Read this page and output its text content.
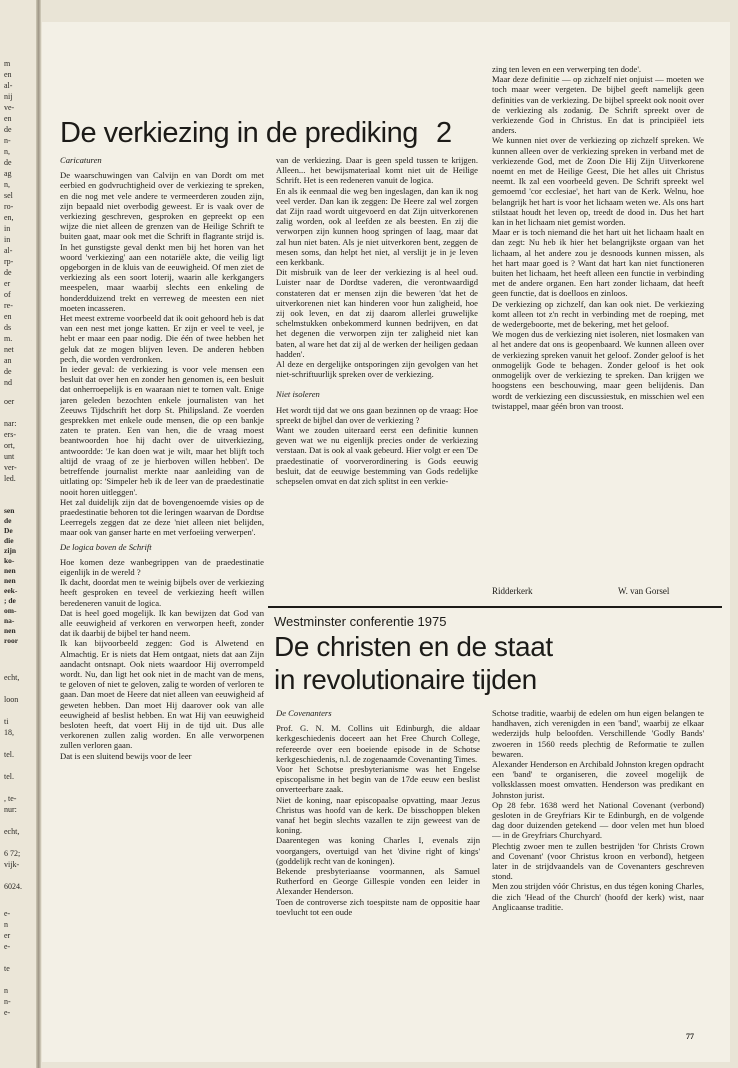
m
en
al-
nij
ve-
en
de
n-
n,
de
ag
n,
sel
ro-
en,
in
in
al-
rp-
de
er
of
re-
en
ds
m.
net
an
de
nd

oer

nar:
ers-
ort,
unt
ver-
led.

sen
de
De
die
zijn
ko-
nen
nen
eek-
; de
om-
na-
nen
roor

echt,

loon

ti
18,

tel.

tel.

, te-
nur:

echt,

6 72;
vijk-

6024.

e-
n
er
e-

te

n
n-
e-

De verkiezing in de prediking 2

Caricaturen

De waarschuwingen van Calvijn en van Dordt om met eerbied en godvruchtigheid over de verkiezing te spreken, en die nog met vele andere te vermeerderen zouden zijn, zijn bepaald niet overbodig geweest. Er is vaak over de verkiezing geschreven, gesproken en gepreekt op een wijze die niet alleen de grenzen van de Heilige Schrift te buiten gaat, maar ook met die Schrift in flagrante strijd is. In het gunstigste geval denkt men bij het horen van het woord 'verkiezing' aan een notariële akte, die veilig ligt opgeborgen in de kluis van de eeuwigheid. Of men ziet de verkiezing als een soort loterij, waarin alle kerkgangers meespelen, maar waarbij slechts een enkeling de honderdduizend trekt en verreweg de meesten een niet moeten incasseren.

Het meest extreme voorbeeld dat ik ooit gehoord heb is dat van een nest met jonge katten. Er zijn er veel te veel, je hebt er maar een paar nodig. Die één of twee hebben het geluk dat ze mogen blijven leven. De anderen hebben pech, die worden verdronken.

In ieder geval: de verkiezing is voor vele mensen een besluit dat over hen en zonder hen genomen is, een besluit dat onherroepelijk is en waaraan niet te tornen valt. Enige jaren geleden bezochten enkele journalisten van het Zeeuws Tijdschrift het dorp St. Philipsland. Ze voerden gesprekken met enkele oude mensen, die op een bankje zaten te praten. Een van hen, die de vraag moest beantwoorden hoe hij dacht over de uitverkiezing, antwoordde: 'Je kan doen wat je wilt, maar het blijft toch altijd de vraag of ze je hierboven willen hebben'. De betreffende journalist merkte naar aanleiding van de uitlating op: 'Simpeler heb ik de leer van de praedestinatie nooit horen uitleggen'.

Het zal duidelijk zijn dat de bovengenoemde visies op de praedestinatie behoren tot die leringen waarvan de Dordtse Leerregels zeggen dat ze deze 'niet alleen niet belijden, maar ook van ganser harte en met verfoeiing verwerpen'.

De logica boven de Schrift

Hoe komen deze wanbegrippen van de praedestinatie eigenlijk in de wereld ?

Ik dacht, doordat men te weinig bijbels over de verkiezing heeft gesproken en teveel de verkiezing heeft willen beredeneren vanuit de logica.

Dat is heel goed mogelijk. Ik kan bewijzen dat God van alle eeuwigheid af verkoren en verworpen heeft, zonder dat ik daarbij de bijbel ter hand neem.

Ik kan bijvoorbeeld zeggen: God is Alwetend en Almachtig. Er is niets dat Hem ontgaat, niets dat aan Zijn aandacht ontsnapt. Ook niets waardoor Hij overrompeld wordt. Nu, dan ligt het ook niet in de macht van de mens, te geloven of niet te geloven, zalig te worden of verloren te gaan. Dan moet de Heere dat niet alleen van eeuwigheid af geweten hebben. Dan moet Hij daarover ook van alle eeuwigheid af beslist hebben. En wat Hij van eeuwigheid besloten heeft, dat voert Hij in de tijd uit. Dus alle verkorenen zullen zalig worden. En alle verworpenen zullen verloren gaan.

Dat is een sluitend bewijs voor de leer

van de verkiezing. Daar is geen speld tussen te krijgen. Alleen... het bewijsmateriaal komt niet uit de Heilige Schrift. Het is een redeneren vanuit de logica.

En als ik eenmaal die weg ben ingeslagen, dan kan ik nog veel verder. Dan kan ik zeggen: De Heere zal wel zorgen dat Zijn raad wordt uitgevoerd en dat Zijn uitverkorenen zalig worden, ook al leefden ze als beesten. En zij die verworpen zijn kunnen hoog springen of laag, maar dat zal hun niet baten. Als je niet uitverkoren bent, zeggen de mesen soms, dan helpt het niet, al verslijt je in je leven een kerkbank.

Dit misbruik van de leer der verkiezing is al heel oud. Luister naar de Dordtse vaderen, die verontwaardigd constateren dat er mensen zijn die beweren 'dat het de uitverkorenen niet kan hinderen voor hun zaligheid, hoe zij ook leven, en dat zij daarom allerlei gruwelijke schelmstukken onbekommerd kunnen bedrijven, en dat het degenen die verworpen zijn ter zaligheid niet kan baten, al ware het dat zij al de werken der heiligen gedaan hadden'.

Al deze en dergelijke ontsporingen zijn gevolgen van het niet-schriftuurlijk spreken over de verkiezing.

Niet isoleren

Het wordt tijd dat we ons gaan bezinnen op de vraag: Hoe spreekt de bijbel dan over de verkiezing ?

Want we zouden uiteraard eerst een definitie kunnen geven wat we nu eigenlijk precies onder de verkiezing verstaan. Dat is ook al vaak gebeurd. Hier volgt er een 'De praedestinatie of voorverordinering is Gods eeuwig besluit, dat de eeuwige bestemming van Gods redelijke schepselen omvat en dat zich splitst in een verkie-

zing ten leven en een verwerping ten dode'.

Maar deze definitie — op zichzelf niet onjuist — moeten we toch maar weer vergeten. De bijbel geeft namelijk geen definities van de verkiezing. De bijbel spreekt ook nooit over de verkiezing als zodanig. De Schrift spreekt over de verkiezende God in Christus. En dat is principiëel iets anders.

We kunnen niet over de verkiezing op zichzelf spreken. We kunnen alleen over de verkiezing spreken in verband met de verkiezende God, met de Zoon Die Hij Zijn Uitverkorene noemt en met de Heilige Geest, Die het alles uit Christus neemt. Ik zal een voorbeeld geven. De Schrift spreekt wel gemoemd 'cor ecclesiae', het hart van de Kerk. Welnu, hoe belangrijk het hart is voor het lichaam weten we. Als ons hart stilstaat houdt het leven op, treedt de dood in. Dus het hart kan in het lichaam niet gemist worden.

Maar er is toch niemand die het hart uit het lichaam haalt en dan zegt: Nu heb ik hier het belangrijkste orgaan van het lichaam, al het andere zou je desnoods kunnen missen, als het hart maar goed is ? Want dat hart kan niet functioneren buiten het lichaam, het heeft alleen een functie in verbinding met de andere organen. Een hart zonder lichaam, dat heeft geen functie, dat is doelloos en zinloos.

De verkiezing op zichzelf, dan kan ook niet. De verkiezing komt alleen tot z'n recht in verbinding met de roeping, met de wedergeboorte, met de bekering, met het geloof.

We mogen dus de verkiezing niet isoleren, niet losmaken van al het andere dat ons is geopenbaard. We kunnen alleen over de verkiezing spreken vanuit het geloof. Zonder geloof is het onmogelijk Gode te behagen. Zonder geloof is het ook onmogelijk over de verkiezing te spreken. Dan krijgen we hoogstens een beschouwing, maar geen belijdenis. Dan wordt de verkiezing een discussiestuk, en misschien wel een twistappel, maar géén bron van troost.

Ridderkerk	W. van Gorsel
Westminster conferentie 1975
De christen en de staat
in revolutionaire tijden

De Covenanters

Prof. G. N. M. Collins uit Edinburgh, die aldaar kerkgeschiedenis doceert aan het Free Church College, refereerde over een boeiende episode in de Schotse kerkgeschiedenis, n.l. de zogenaamde Covenanting Times.

Voor het Schotse presbyterianisme was het Engelse episcopalisme in het begin van de 17de eeuw een beslist onverteerbare zaak.

Niet de koning, naar episcopaalse opvatting, maar Jezus Christus was hoofd van de kerk. De bisschoppen bleken vanaf het begin slechts vazallen te zijn geweest van de koning.

Daarentegen was koning Charles I, evenals zijn voorgangers, overtuigd van het 'divine right of kings' (goddelijk recht van de koningen).

Bekende presbyteriaanse voormannen, als Samuel Rutherford en George Gillespie vonden een leider in Alexander Henderson.

Toen de controverse zich toespitste nam de oppositie haar toevlucht tot een oude

Schotse traditie, waarbij de edelen om hun eigen belangen te handhaven, zich verenigden in een 'band', waarbij ze elkaar wederzijds hulp beloofden. Verschillende 'Godly Bands' zwoeren in 1560 reeds plechtig de Reformatie te zullen bewaren.

Alexander Henderson en Archibald Johnston kregen opdracht een 'band' te organiseren, die zoveel mogelijk de volksklassen moest omvatten. Henderson was predikant en Johnston jurist.

Op 28 febr. 1638 werd het National Covenant (verbond) gesloten in de Greyfriars Kir te Edinburgh, en de volgende dag door duizenden getekend — door velen met hun bloed — in de Greyfriars Churchyard.

Plechtig zwoer men te zullen bestrijden 'for Christs Crown and Covenant' (voor Christus kroon en verbond), hetgeen later in de strijdvaandels van de Covenanters geschreven stond.

Men zou strijden vóór Christus, en dus tégen koning Charles, die zich 'Head of the Church' (hoofd der kerk) wist, naar Anglicaanse traditie.

77
